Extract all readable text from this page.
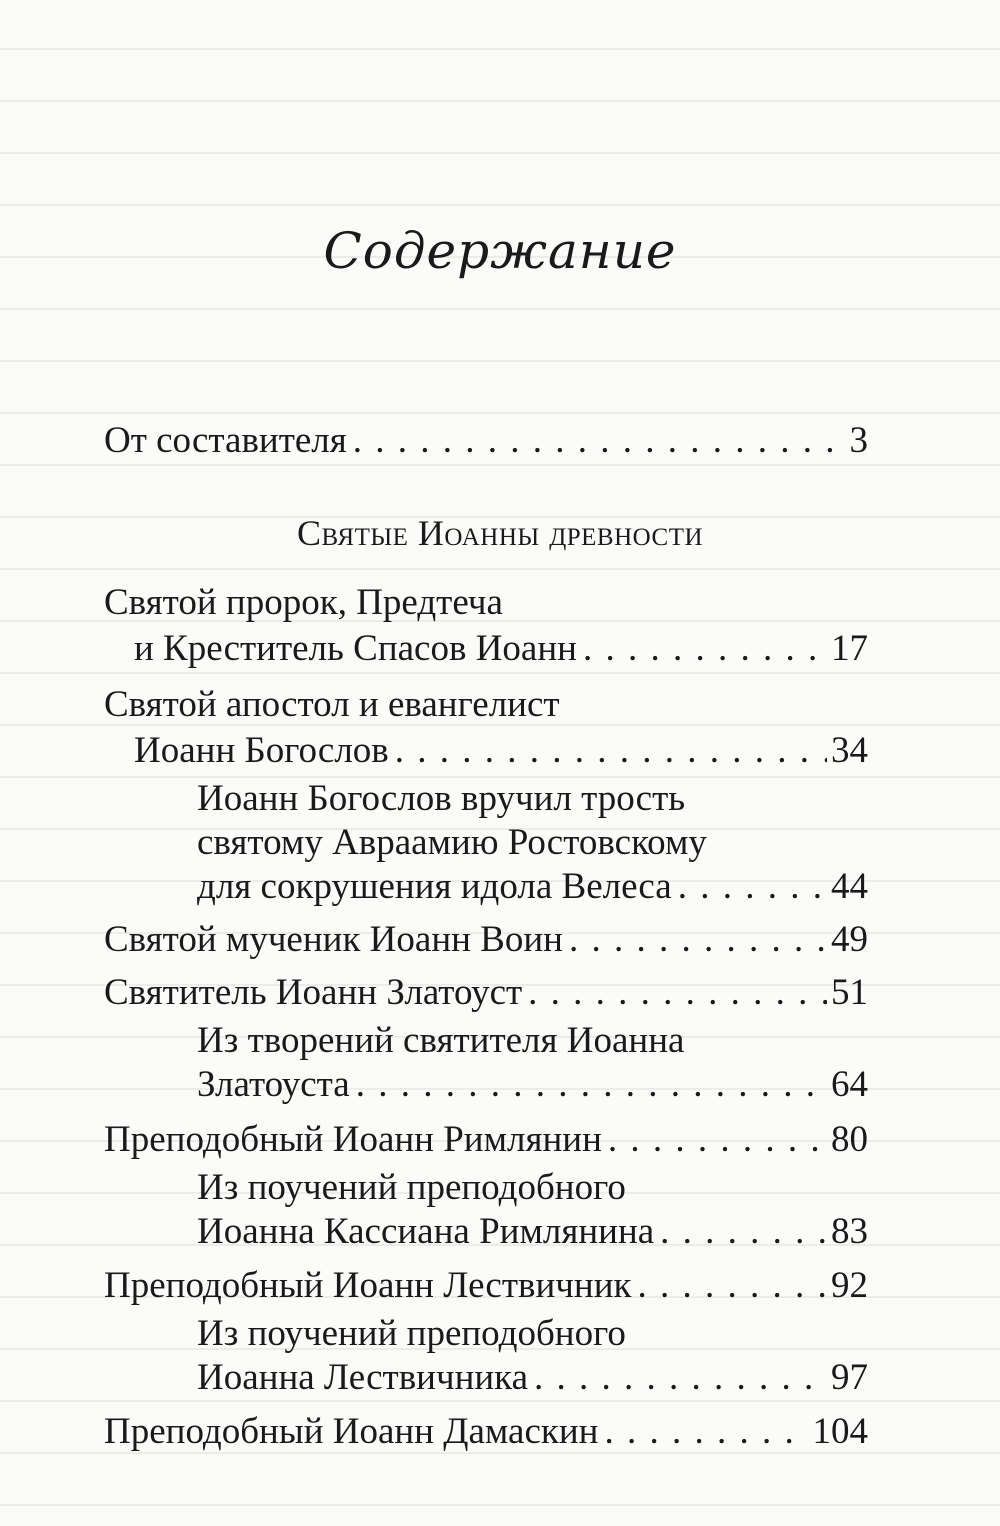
Содержание
От составителя . . .	3
Святые Иоанны древности
Святой пророк, Предтеча
и Креститель Спасов Иоанн . . .	17
Святой апостол и евангелист
Иоанн Богослов . . .	34
Иоанн Богослов вручил трость
святому Авраамию Ростовскому
для сокрушения идола Велеса . . .	44
Святой мученик Иоанн Воин . . .	49
Святитель Иоанн Златоуст . . .	51
Из творений святителя Иоанна
Златоуста . . .	64
Преподобный Иоанн Римлянин . . .	80
Из поучений преподобного
Иоанна Кассиана Римлянина . . .	83
Преподобный Иоанн Лествичник . . .	92
Из поучений преподобного
Иоанна Лествичника . . .	97
Преподобный Иоанн Дамаскин . . .	104
